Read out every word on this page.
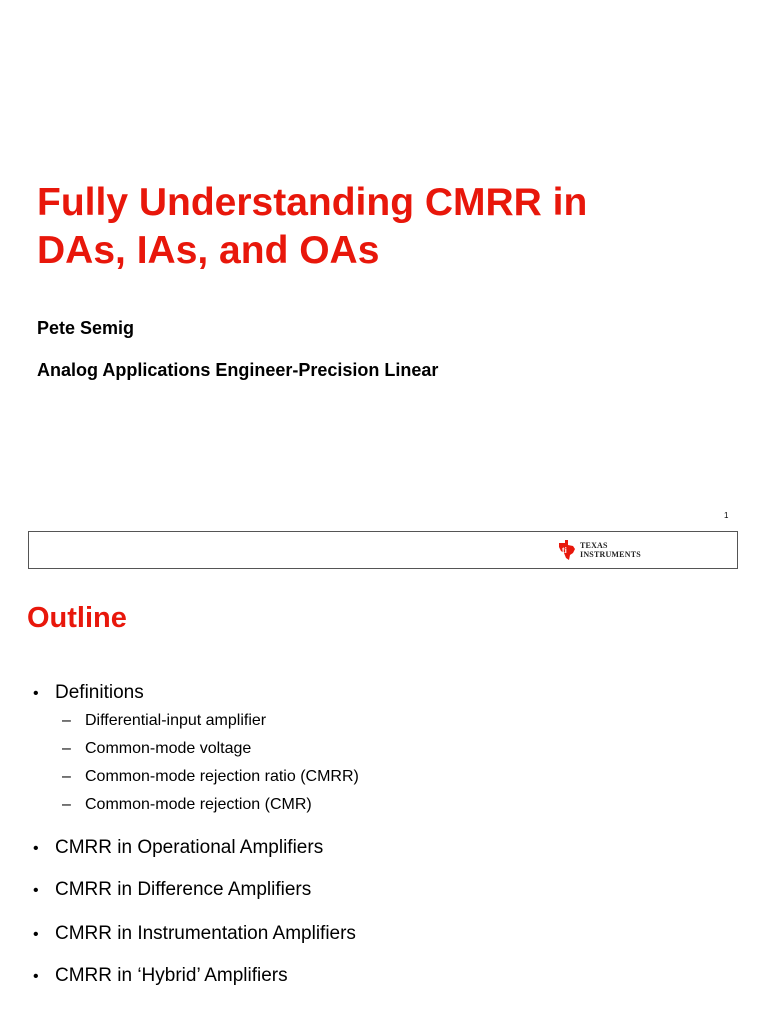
Fully Understanding CMRR in
DAs, IAs, and OAs

Pete Semig

Analog Applications Engineer-Precision Linear

1
ti
TEXAS
INSTRUMENTS
Outline
• Definitions
– Differential-input amplifier
– Common-mode voltage
– Common-mode rejection ratio (CMRR)
– Common-mode rejection (CMR)
• CMRR in Operational Amplifiers
• CMRR in Difference Amplifiers
• CMRR in Instrumentation Amplifiers
• CMRR in ‘Hybrid’ Amplifiers
